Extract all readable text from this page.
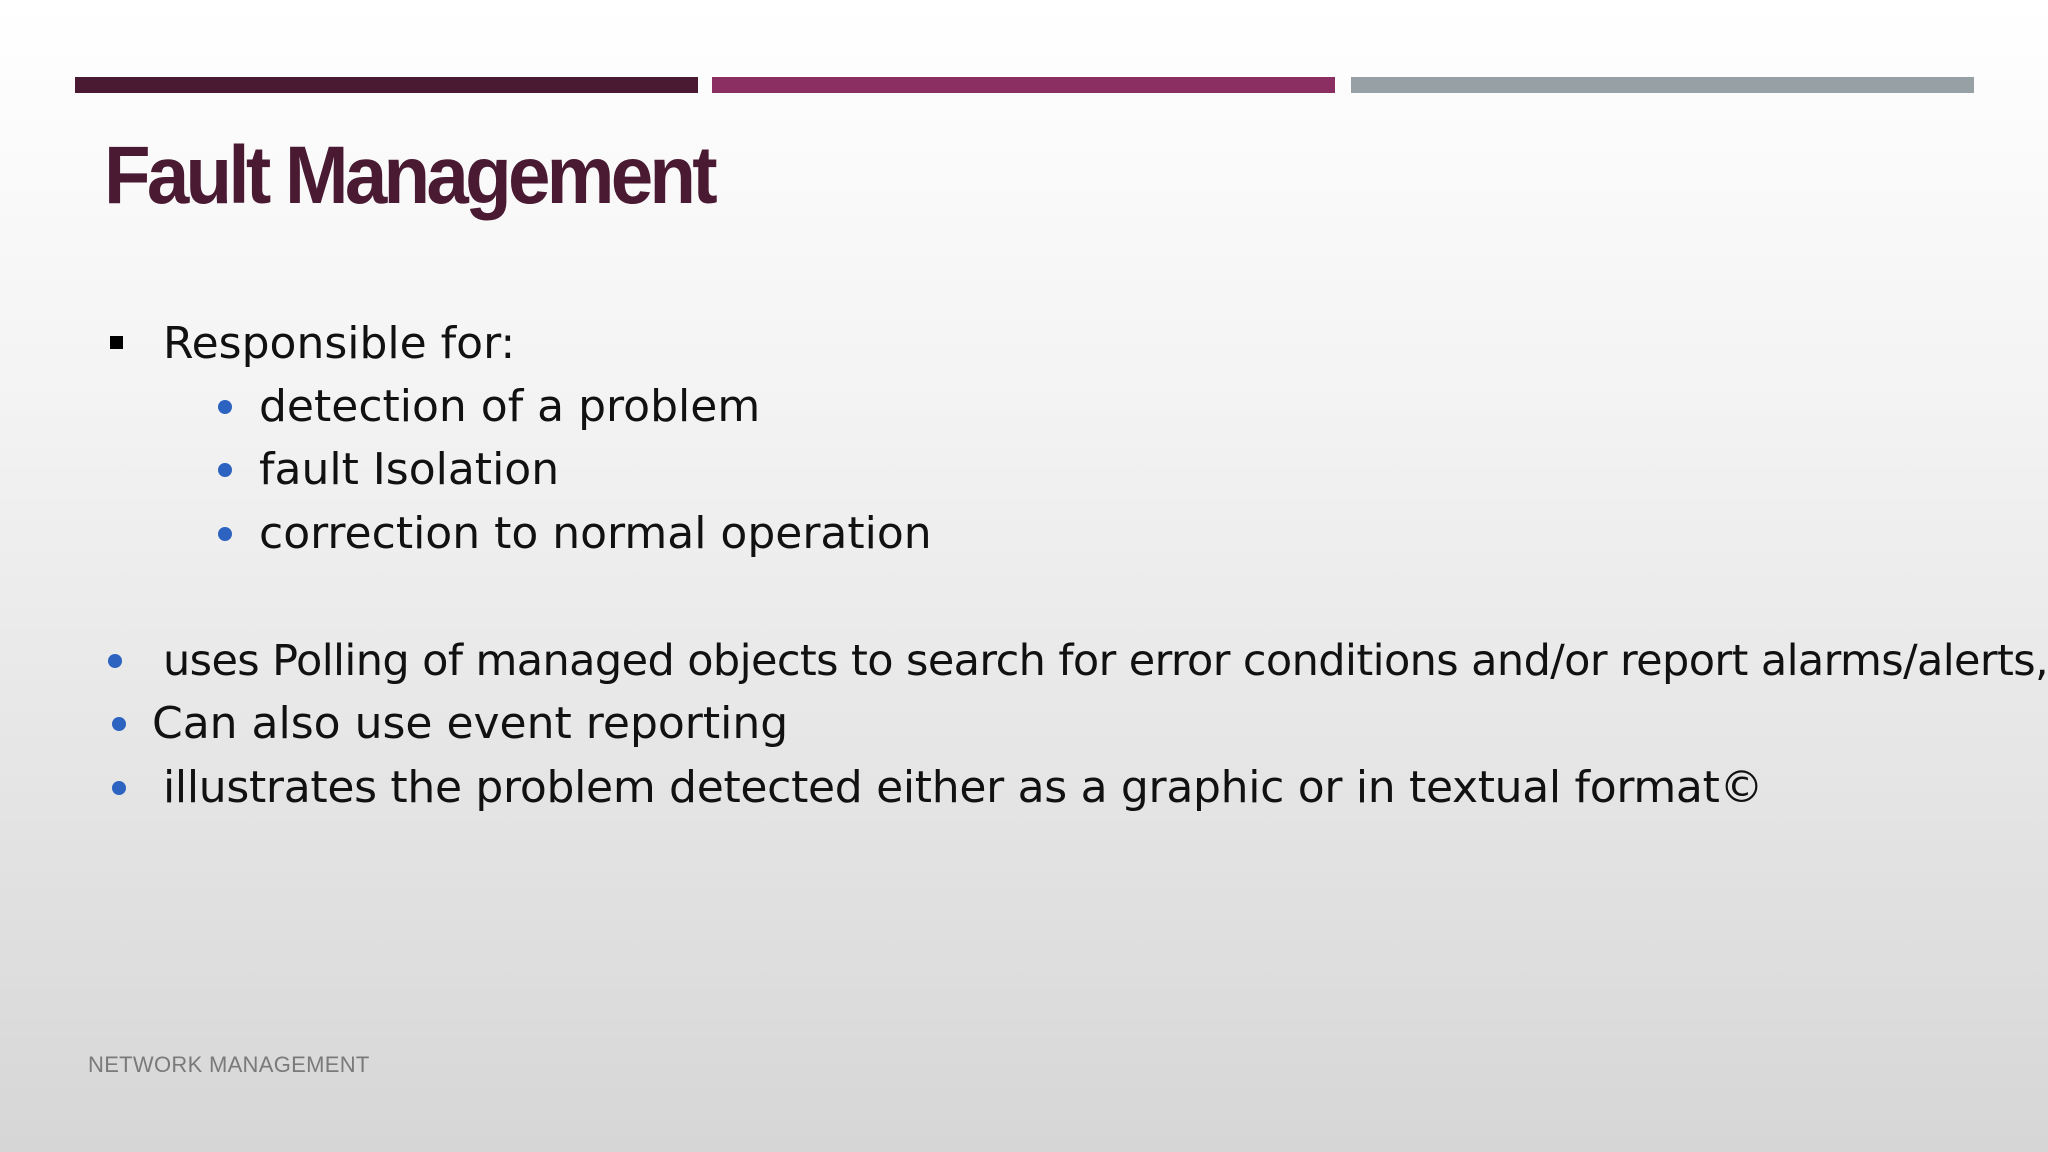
Fault Management
Responsible for:
detection of a problem
fault Isolation
correction to normal operation
uses Polling of managed objects to search for error conditions and/or report alarms/alerts,
Can also use event reporting
illustrates the problem detected either as a graphic or in textual format©
NETWORK MANAGEMENT
